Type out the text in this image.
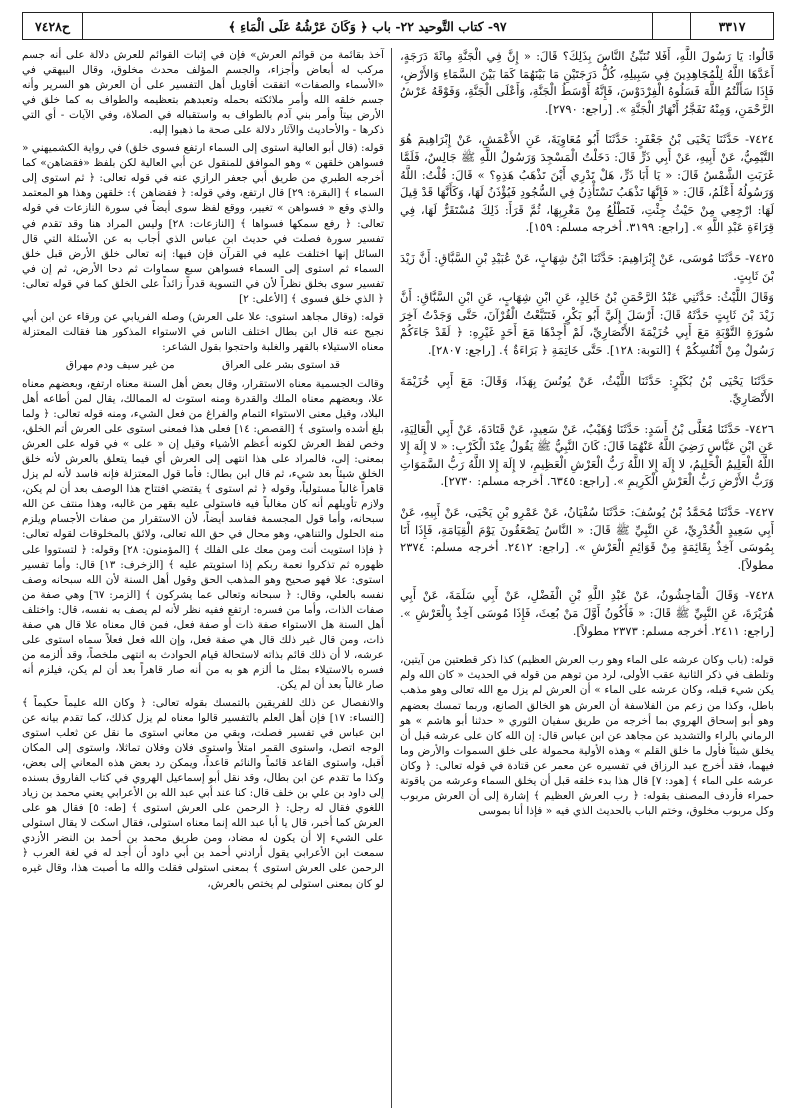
ح٧٤٢٨	٩٧- كتاب التَّوحيد ٢٢- باب ﴿ وَكَانَ عَرْشُهُ عَلَى الْمَاءِ ﴾	٣٣١٧

آخذ بقائمة من قوائم العرش» فإن في إثبات القوائم للعرش دلالة على أنه جسم مركب له أبعاض وأجزاء، والجسم المؤلف محدث مخلوق، وقال البيهقي في «الأسماء والصفات» اتفقت أقاويل أهل التفسير على أن العرش هو السرير وأنه جسم خلقه الله وأمر ملائكته بحمله وتعبدهم بتعظيمه والطواف به كما خلق في الأرض بيتاً وأمر بني آدم بالطواف به واستقباله في الصلاة، وفي الآيات - أي التي ذكرها - والأحاديث والآثار دلالة على صحة ما ذهبوا إليه.

قوله: (قال أبو العالية استوى إلى السماء ارتفع فسوى خلق) في رواية الكشميهني « فسواهن خلقهن » وهو الموافق للمنقول عن أبي العالية لكن بلفظ «فقضاهن» كما أخرجه الطبري من طريق أبي جعفر الرازي عنه في قوله تعالى: ﴿ ثم استوى إلى السماء ﴾ [البقرة: ٢٩] قال ارتفع، وفي قوله: ﴿ فقضاهن ﴾: خلقهن وهذا هو المعتمد والذي وقع « فسواهن » تغيير، ووقع لفظ سوى أيضاً في سورة النازعات في قوله تعالى: ﴿ رفع سمكها فسواها ﴾ [النازعات: ٢٨] وليس المراد هنا وقد تقدم في تفسير سورة فصلت في حديث ابن عباس الذي أجاب به عن الأسئلة التي قال السائل إنها اختلفت عليه في القرآن فإن فيها: إنه تعالى خلق الأرض قبل خلق السماء ثم استوى إلى السماء فسواهن سبع سماوات ثم دحا الأرض، ثم إن في تفسير سوى بخلق نظراً لأن في التسوية قدراً زائداً على الخلق كما في قوله تعالى: ﴿ الذي خلق فسوى ﴾ [الأعلى: ٢]

قوله: (وقال مجاهد استوى: علا على العرش) وصله الفريابي عن ورقاء عن ابن أبي نجيح عنه قال ابن بطال اختلف الناس في الاستواء المذكور هنا فقالت المعتزلة معناه الاستيلاء بالقهر والغلبة واحتجوا بقول الشاعر:

قد استوى بشر على العراق من غير سيف ودم مهراق

وقالت الجسمية معناه الاستقرار، وقال بعض أهل السنة معناه ارتفع، وبعضهم معناه علا، وبعضهم معناه الملك والقدرة ومنه استوت له الممالك، يقال لمن أطاعه أهل البلاد، وقيل معنى الاستواء التمام والفراغ من فعل الشيء، ومنه قوله تعالى: ﴿ ولما بلغ أشده واستوى ﴾ [القصص: ١٤] فعلى هذا فمعنى استوى على العرش أتم الخلق، وخص لفظ العرش لكونه أعظم الأشياء وقيل إن « على » في قوله على العرش بمعنى: إلى، فالمراد على هذا انتهى إلى العرش أي فيما يتعلق بالعرش لأنه خلق الخلق شيئاً بعد شيء، ثم قال ابن بطال: فأما قول المعتزلة فإنه فاسد لأنه لم يزل قاهراً غالباً مستولياً، وقوله ﴿ ثم استوى ﴾ يقتضي افتتاح هذا الوصف بعد أن لم يكن، ولازم تأويلهم أنه كان مغالباً فيه فاستولى عليه بقهر من غالبه، وهذا منتف عن الله سبحانه، وأما قول المجسمة ففاسد أيضاً، لأن الاستقرار من صفات الأجسام ويلزم منه الحلول والتناهي، وهو محال في حق الله تعالى، ولائق بالمخلوقات لقوله تعالى: ﴿ فإذا استويت أنت ومن معك على الفلك ﴾ [المؤمنون: ٢٨] وقوله: ﴿ لتستووا على ظهوره ثم تذكروا نعمة ربكم إذا استويتم عليه ﴾ [الزخرف: ١٣] قال: وأما تفسير استوى: علا فهو صحيح وهو المذهب الحق وقول أهل السنة لأن الله سبحانه وصف نفسه بالعلي، وقال: ﴿ سبحانه وتعالى عما يشركون ﴾ [الزمر: ٦٧] وهي صفة من صفات الذات، وأما من فسره: ارتفع ففيه نظر لأنه لم يصف به نفسه، قال: واختلف أهل السنة هل الاستواء صفة ذات أو صفة فعل، فمن قال معناه علا قال هي صفة ذات، ومن قال غير ذلك قال هي صفة فعل، وإن الله فعل فعلاً سماه استوى على عرشه، لا أن ذلك قائم بذاته لاستحالة قيام الحوادث به انتهى ملخصاً، وقد ألزمه من فسره بالاستيلاء بمثل ما ألزم هو به من أنه صار قاهراً بعد أن لم يكن، فيلزم أنه صار غالباً بعد أن لم يكن.

والانفصال عن ذلك للفريقين بالتمسك بقوله تعالى: ﴿ وكان الله عليماً حكيماً ﴾ [النساء: ١٧] فإن أهل العلم بالتفسير قالوا معناه لم يزل كذلك، كما تقدم بيانه عن ابن عباس في تفسير فصلت، وبقي من معاني استوى ما نقل عن ثعلب استوى الوجه اتصل، واستوى القمر امتلأ واستوى فلان وفلان تماثلا، واستوى إلى المكان أقبل، واستوى القاعد قائماً والنائم قاعداً، ويمكن رد بعض هذه المعاني إلى بعض، وكذا ما تقدم عن ابن بطال، وقد نقل أبو إسماعيل الهروي في كتاب الفاروق بسنده إلى داود بن علي بن خلف قال: كنا عند أبي عبد الله بن الأعرابي يعني محمد بن زياد اللغوي فقال له رجل: ﴿ الرحمن على العرش استوى ﴾ [طه: ٥] فقال هو على العرش كما أخبر، قال يا أبا عبد الله إنما معناه استولى، فقال اسكت لا يقال استولى على الشيء إلا أن يكون له مضاد، ومن طريق محمد بن أحمد بن النضر الأزدي سمعت ابن الأعرابي يقول أرادني أحمد بن أبي داود أن أجد له في لغة العرب ﴿ الرحمن على العرش استوى ﴾ بمعنى استولى فقلت والله ما أصبت هذا، وقال غيره لو كان بمعنى استولى لم يختص بالعرش،

قَالُوا: يَا رَسُولَ اللَّهِ، أَفَلا نُنَبِّئُ النَّاسَ بِذَلِكَ؟ قَالَ: « إِنَّ فِي الْجَنَّةِ مِائَةَ دَرَجَةٍ، أَعَدَّهَا اللَّهُ لِلْمُجَاهِدِينَ فِي سَبِيلِهِ، كُلُّ دَرَجَتَيْنِ مَا بَيْنَهُمَا كَمَا بَيْنَ السَّمَاءِ وَالأَرْضِ، فَإِذَا سَأَلْتُمُ اللَّهَ فَسَلُوهُ الْفِرْدَوْسَ، فَإِنَّهُ أَوْسَطُ الْجَنَّةِ، وَأَعْلَى الْجَنَّةِ، وَفَوْقَهُ عَرْشُ الرَّحْمَنِ، وَمِنْهُ تَفَجَّرُ أَنْهَارُ الْجَنَّةِ ». [راجع: ٢٧٩٠].

٧٤٢٤- حَدَّثَنَا يَحْيَى بْنُ جَعْفَرٍ: حَدَّثَنَا أَبُو مُعَاوِيَةَ، عَنِ الأَعْمَشِ، عَنْ إِبْرَاهِيمَ هُوَ التَّيْمِيُّ، عَنْ أَبِيهِ، عَنْ أَبِي ذَرٍّ قَالَ: دَخَلْتُ الْمَسْجِدَ وَرَسُولُ اللَّهِ ﷺ جَالِسٌ، فَلَمَّا غَرَبَتِ الشَّمْسُ قَالَ: « يَا أَبَا ذَرٍّ، هَلْ تَدْرِي أَيْنَ تَذْهَبُ هَذِهِ؟ » قَالَ: قُلْتُ: اللَّهُ وَرَسُولُهُ أَعْلَمُ، قَالَ: « فَإِنَّهَا تَذْهَبُ تَسْتَأْذِنُ فِي السُّجُودِ فَيُؤْذَنُ لَهَا، وَكَأَنَّهَا قَدْ قِيلَ لَهَا: ارْجِعِي مِنْ حَيْثُ جِئْتِ، فَتَطْلُعُ مِنْ مَغْرِبِهَا، ثُمَّ قَرَأَ: ذَلِكَ مُسْتَقَرٌّ لَهَا، فِي قِرَاءَةِ عَبْدِ اللَّهِ ». [راجع: ٣١٩٩. أخرجه مسلم: ١٥٩].

٧٤٢٥- حَدَّثَنَا مُوسَى، عَنْ إِبْرَاهِيمَ: حَدَّثَنَا ابْنُ شِهَابٍ، عَنْ عُبَيْدِ بْنِ السَّبَّاقِ: أَنَّ زَيْدَ بْنَ ثَابِتٍ.

وَقَالَ اللَّيْثُ: حَدَّثَنِي عَبْدُ الرَّحْمَنِ بْنُ خَالِدٍ، عَنِ ابْنِ شِهَابٍ، عَنِ ابْنِ السَّبَّاقِ: أَنَّ زَيْدَ بْنَ ثَابِتٍ حَدَّثَهُ قَالَ: أَرْسَلَ إِلَيَّ أَبُو بَكْرٍ، فَتَتَبَّعْتُ الْقُرْآنَ، حَتَّى وَجَدْتُ آخِرَ سُورَةِ التَّوْبَةِ مَعَ أَبِي خُزَيْمَةَ الأَنْصَارِيِّ، لَمْ أَجِدْهَا مَعَ أَحَدٍ غَيْرِهِ: ﴿ لَقَدْ جَاءَكُمْ رَسُولٌ مِنْ أَنْفُسِكُمْ ﴾ [التوبة: ١٢٨]. حَتَّى خَاتِمَةِ ﴿ بَرَاءَةٌ ﴾. [راجع: ٢٨٠٧].

حَدَّثَنَا يَحْيَى بْنُ بُكَيْرٍ: حَدَّثَنَا اللَّيْثُ، عَنْ يُونُسَ بِهَذَا، وَقَالَ: مَعَ أَبِي خُزَيْمَةَ الأَنْصَارِيِّ.

٧٤٢٦- حَدَّثَنَا مُعَلَّى بْنُ أَسَدٍ: حَدَّثَنَا وُهَيْبٌ، عَنْ سَعِيدٍ، عَنْ قَتَادَةَ، عَنْ أَبِي الْعَالِيَةِ، عَنِ ابْنِ عَبَّاسٍ رَضِيَ اللَّهُ عَنْهُمَا قَالَ: كَانَ النَّبِيُّ ﷺ يَقُولُ عِنْدَ الْكَرْبِ: « لا إِلَهَ إِلا اللَّهُ الْعَلِيمُ الْحَلِيمُ، لا إِلَهَ إِلا اللَّهُ رَبُّ الْعَرْشِ الْعَظِيمِ، لا إِلَهَ إِلا اللَّهُ رَبُّ السَّمَوَاتِ وَرَبُّ الأَرْضِ رَبُّ الْعَرْشِ الْكَرِيمِ ». [راجع: ٦٣٤٥. أخرجه مسلم: ٢٧٣٠].

٧٤٢٧- حَدَّثَنَا مُحَمَّدُ بْنُ يُوسُفَ: حَدَّثَنَا سُفْيَانُ، عَنْ عَمْرِو بْنِ يَحْيَى، عَنْ أَبِيهِ، عَنْ أَبِي سَعِيدٍ الْخُدْرِيِّ، عَنِ النَّبِيِّ ﷺ قَالَ: « النَّاسُ يَصْعَقُونَ يَوْمَ الْقِيَامَةِ، فَإِذَا أَنَا بِمُوسَى آخِذٌ بِقَائِمَةٍ مِنْ قَوَائِمِ الْعَرْشِ ». [راجع: ٢٤١٢. أخرجه مسلم: ٢٣٧٤ مطولاً].

٧٤٢٨- وَقَالَ الْمَاجِشُونُ، عَنْ عَبْدِ اللَّهِ بْنِ الْفَضْلِ، عَنْ أَبِي سَلَمَةَ، عَنْ أَبِي هُرَيْرَةَ، عَنِ النَّبِيِّ ﷺ قَالَ: « فَأَكُونُ أَوَّلَ مَنْ بُعِثَ، فَإِذَا مُوسَى آخِذٌ بِالْعَرْشِ ». [راجع: ٢٤١١. أخرجه مسلم: ٢٣٧٣ مطولاً].

قوله: (باب وكان عرشه على الماء وهو رب العرش العظيم) كذا ذكر قطعتين من آيتين، وتلطف في ذكر الثانية عقب الأولى، لرد من توهم من قوله في الحديث « كان الله ولم يكن شيء قبله، وكان عرشه على الماء » أن العرش لم يزل مع الله تعالى وهو مذهب باطل، وكذا من زعم من الفلاسفة أن العرش هو الخالق الصانع، وربما تمسك بعضهم وهو أبو إسحاق الهروي بما أخرجه من طريق سفيان الثوري « حدثنا أبو هاشم » هو الرماني بالراء والتشديد عن مجاهد عن ابن عباس قال: إن الله كان على عرشه قبل أن يخلق شيئاً فأول ما خلق القلم » وهذه الأولية محمولة على خلق السموات والأرض وما فيهما، فقد أخرج عبد الرزاق في تفسيره عن معمر عن قتادة في قوله تعالى: ﴿ وكان عرشه على الماء ﴾ [هود: ٧] قال هذا بدء خلقه قبل أن يخلق السماء وعرشه من ياقوتة حمراء فأردف المصنف بقوله: ﴿ رب العرش العظيم ﴾ إشارة إلى أن العرش مربوب وكل مربوب مخلوق، وختم الباب بالحديث الذي فيه « فإذا أنا بموسى
